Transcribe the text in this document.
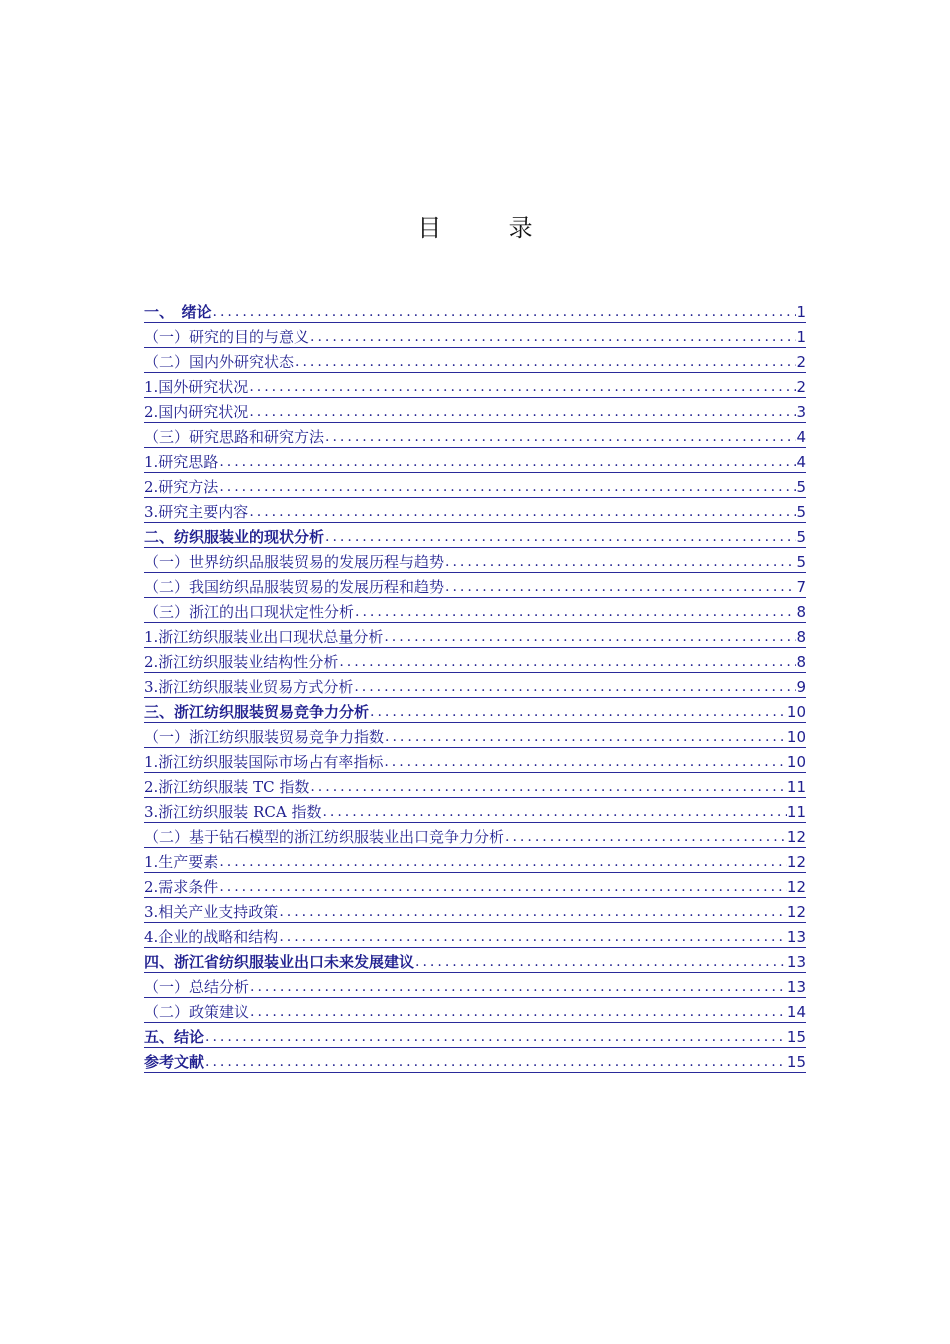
目　录
一、　绪论 .....	1
（一）研究的目的与意义 .....	1
（二）国内外研究状态 .....	2
1.国外研究状况 .....	2
2.国内研究状况 .....	3
（三）研究思路和研究方法 .....	4
1.研究思路 .....	4
2.研究方法 .....	5
3.研究主要内容 .....	5
二、纺织服装业的现状分析 .....	5
（一）世界纺织品服装贸易的发展历程与趋势 .....	5
（二）我国纺织品服装贸易的发展历程和趋势 .....	7
（三）浙江的出口现状定性分析 .....	8
1.浙江纺织服装业出口现状总量分析 .....	8
2.浙江纺织服装业结构性分析 .....	8
3.浙江纺织服装业贸易方式分析 .....	9
三、浙江纺织服装贸易竞争力分析 .....	10
（一）浙江纺织服装贸易竞争力指数 .....	10
1.浙江纺织服装国际市场占有率指标 .....	10
2.浙江纺织服装 TC 指数 .....	11
3.浙江纺织服装 RCA 指数 .....	11
（二）基于钻石模型的浙江纺织服装业出口竞争力分析 .....	12
1.生产要素 .....	12
2.需求条件 .....	12
3.相关产业支持政策 .....	12
4.企业的战略和结构 .....	13
四、浙江省纺织服装业出口未来发展建议 .....	13
（一）总结分析 .....	13
（二）政策建议 .....	14
五、结论 .....	15
参考文献 .....	15
